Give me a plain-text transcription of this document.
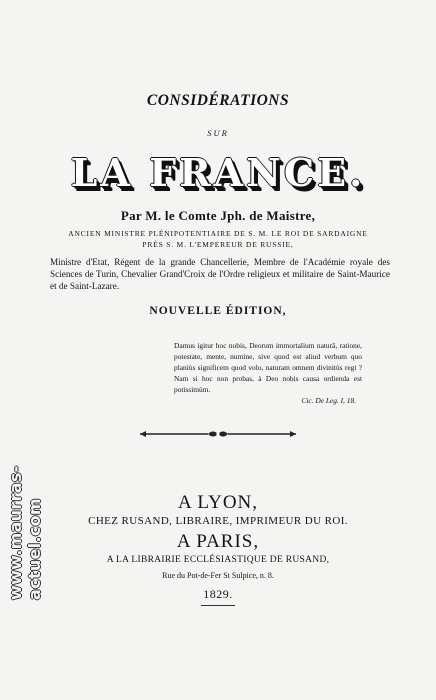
CONSIDÉRATIONS
SUR
LA FRANCE.
Par M. le Comte Jph. de Maistre,
ANCIEN MINISTRE PLÉNIPOTENTIAIRE DE S. M. LE ROI DE SARDAIGNE
PRÈS S. M. L'EMPEREUR DE RUSSIE,
Ministre d'Etat, Régent de la grande Chancellerie, Membre de l'Académie royale des Sciences de Turin, Chevalier Grand'Croix de l'Ordre religieux et militaire de Saint-Maurice et de Saint-Lazare.
NOUVELLE ÉDITION,
Damus igitur hoc nobis, Deorum immortalium naturâ, ratione, potestate, mente, numine, sive quod est aliud verbum quo planiùs significem quod volo, naturam omnem divinitùs regi ? Nam si hoc non probas, à Deo nobis causa ordienda est potissimùm.
Cic. De Leg. I, 18.
A LYON,
CHEZ RUSAND, LIBRAIRE, IMPRIMEUR DU ROI.
A PARIS,
A LA LIBRAIRIE ECCLÉSIASTIQUE DE RUSAND,
Rue du Pot-de-Fer St Sulpice, n. 8.
1829.
www.maurras-actuel.com
